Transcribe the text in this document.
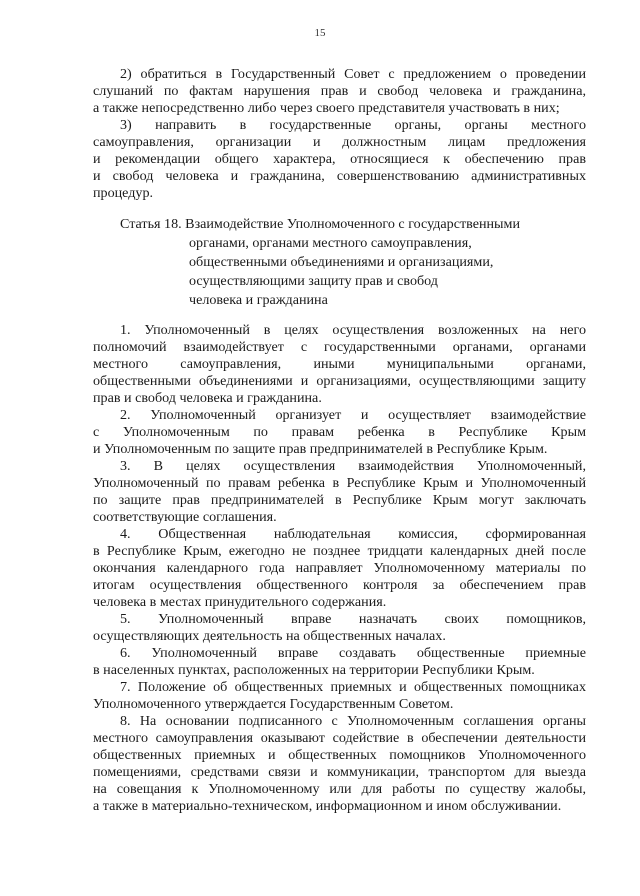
15
2) обратиться в Государственный Совет с предложением о проведении
слушаний по фактам нарушения прав и свобод человека и гражданина,
а также непосредственно либо через своего представителя участвовать в них;
3) направить в государственные органы, органы местного
самоуправления, организации и должностным лицам предложения
и рекомендации общего характера, относящиеся к обеспечению прав
и свобод человека и гражданина, совершенствованию административных
процедур.
Статья 18. Взаимодействие Уполномоченного с государственными
органами, органами местного самоуправления,
общественными объединениями и организациями,
осуществляющими защиту прав и свобод
человека и гражданина
1. Уполномоченный в целях осуществления возложенных на него
полномочий взаимодействует с государственными органами, органами
местного самоуправления, иными муниципальными органами,
общественными объединениями и организациями, осуществляющими защиту
прав и свобод человека и гражданина.
2. Уполномоченный организует и осуществляет взаимодействие
с Уполномоченным по правам ребенка в Республике Крым
и Уполномоченным по защите прав предпринимателей в Республике Крым.
3. В целях осуществления взаимодействия Уполномоченный,
Уполномоченный по правам ребенка в Республике Крым и Уполномоченный
по защите прав предпринимателей в Республике Крым могут заключать
соответствующие соглашения.
4. Общественная наблюдательная комиссия, сформированная
в Республике Крым, ежегодно не позднее тридцати календарных дней после
окончания календарного года направляет Уполномоченному материалы по
итогам осуществления общественного контроля за обеспечением прав
человека в местах принудительного содержания.
5. Уполномоченный вправе назначать своих помощников,
осуществляющих деятельность на общественных началах.
6. Уполномоченный вправе создавать общественные приемные
в населенных пунктах, расположенных на территории Республики Крым.
7. Положение об общественных приемных и общественных помощниках
Уполномоченного утверждается Государственным Советом.
8. На основании подписанного с Уполномоченным соглашения органы
местного самоуправления оказывают содействие в обеспечении деятельности
общественных приемных и общественных помощников Уполномоченного
помещениями, средствами связи и коммуникации, транспортом для выезда
на совещания к Уполномоченному или для работы по существу жалобы,
а также в материально-техническом, информационном и ином обслуживании.
